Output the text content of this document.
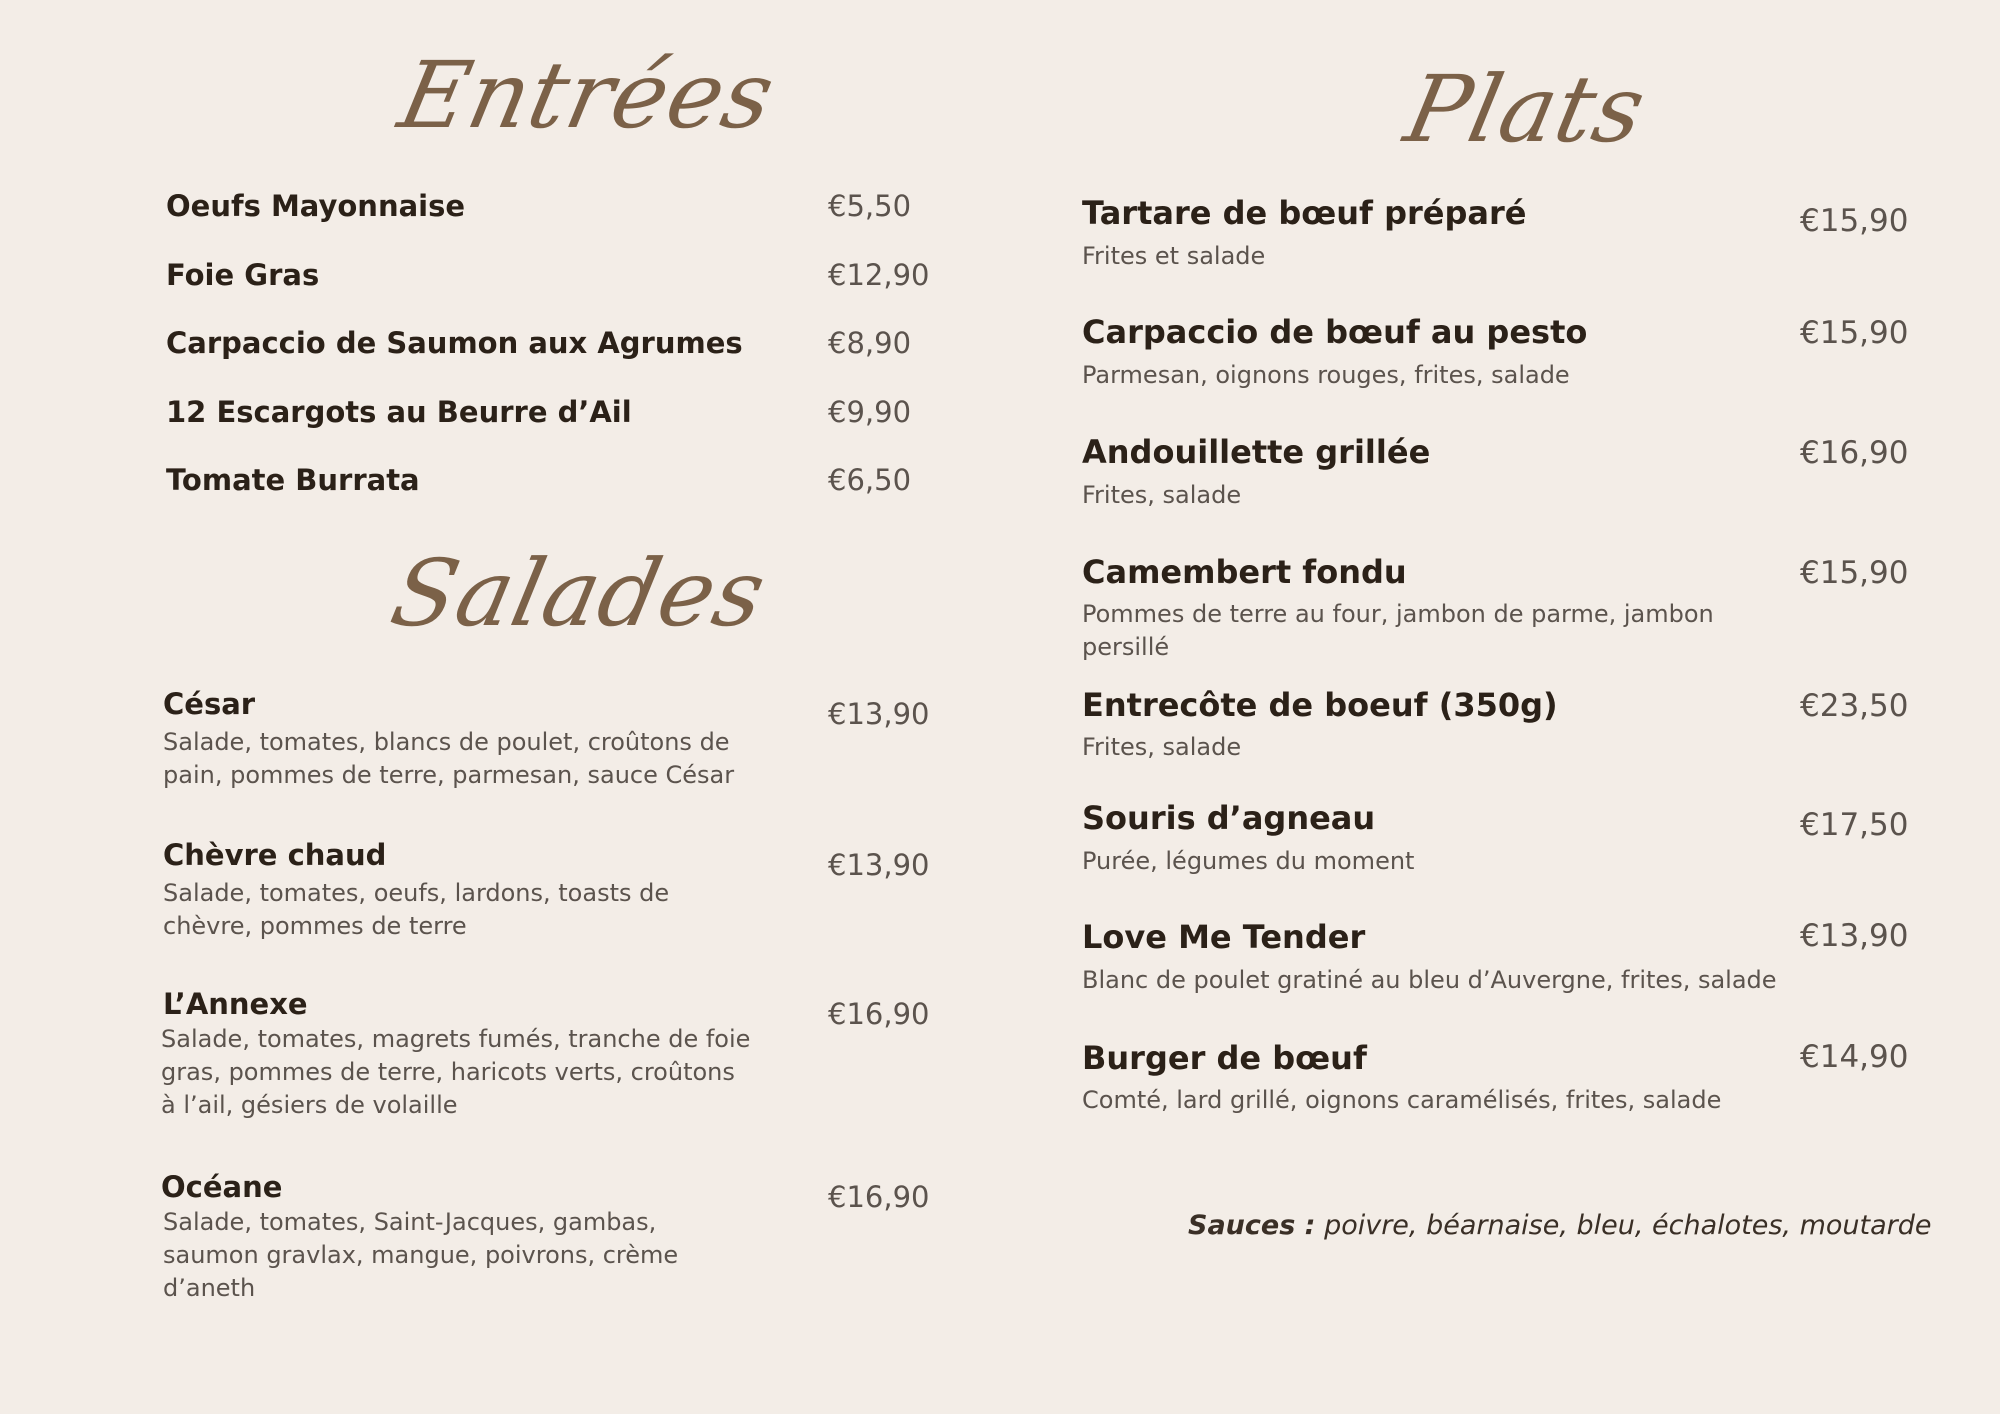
Entrées
Oeufs Mayonnaise	€5,50
Foie Gras	€12,90
Carpaccio de Saumon aux Agrumes	€8,90
12 Escargots au Beurre d’Ail	€9,90
Tomate Burrata	€6,50
Salades
César	€13,90
Salade, tomates, blancs de poulet, croûtons de
pain, pommes de terre, parmesan, sauce César
Chèvre chaud	€13,90
Salade, tomates, oeufs, lardons, toasts de
chèvre, pommes de terre
L’Annexe	€16,90
Salade, tomates, magrets fumés, tranche de foie
gras, pommes de terre, haricots verts, croûtons
à l’ail, gésiers de volaille
Océane	€16,90
Salade, tomates, Saint-Jacques, gambas,
saumon gravlax, mangue, poivrons, crème
d’aneth
Plats
Tartare de bœuf préparé	€15,90
Frites et salade
Carpaccio de bœuf au pesto	€15,90
Parmesan, oignons rouges, frites, salade
Andouillette grillée	€16,90
Frites, salade
Camembert fondu	€15,90
Pommes de terre au four, jambon de parme, jambon
persillé
Entrecôte de boeuf (350g)	€23,50
Frites, salade
Souris d’agneau	€17,50
Purée, légumes du moment
Love Me Tender	€13,90
Blanc de poulet gratiné au bleu d’Auvergne, frites, salade
Burger de bœuf	€14,90
Comté, lard grillé, oignons caramélisés, frites, salade
Sauces : poivre, béarnaise, bleu, échalotes, moutarde
